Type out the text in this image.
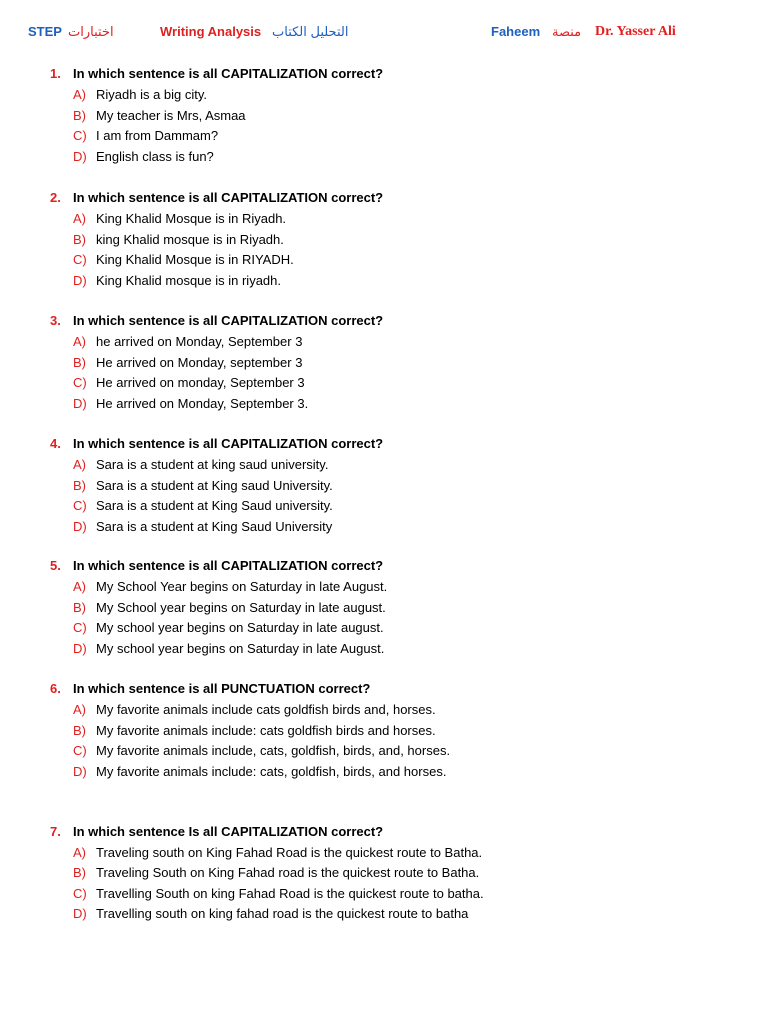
STEP اختبارات	Writing Analysis التحليل الكتاب	Faheem منصة Dr. Yasser Ali
1. In which sentence is all CAPITALIZATION correct?
A) Riyadh is a big city.
B) My teacher is Mrs, Asmaa
C) I am from Dammam?
D) English class is fun?
2. In which sentence is all CAPITALIZATION correct?
A) King Khalid Mosque is in Riyadh.
B) king Khalid mosque is in Riyadh.
C) King Khalid Mosque is in RIYADH.
D) King Khalid mosque is in riyadh.
3. In which sentence is all CAPITALIZATION correct?
A) he arrived on Monday, September 3
B) He arrived on Monday, september 3
C) He arrived on monday, September 3
D) He arrived on Monday, September 3.
4. In which sentence is all CAPITALIZATION correct?
A) Sara is a student at king saud university.
B) Sara is a student at King saud University.
C) Sara is a student at King Saud university.
D) Sara is a student at King Saud University
5. In which sentence is all CAPITALIZATION correct?
A) My School Year begins on Saturday in late August.
B) My School year begins on Saturday in late august.
C) My school year begins on Saturday in late august.
D) My school year begins on Saturday in late August.
6. In which sentence is all PUNCTUATION correct?
A) My favorite animals include cats goldfish birds and, horses.
B) My favorite animals include: cats goldfish birds and horses.
C) My favorite animals include, cats, goldfish, birds, and, horses.
D) My favorite animals include: cats, goldfish, birds, and horses.
7. In which sentence Is all CAPITALIZATION correct?
A) Traveling south on King Fahad Road is the quickest route to Batha.
B) Traveling South on King Fahad road is the quickest route to Batha.
C) Travelling South on king Fahad Road is the quickest route to batha.
D) Travelling south on king fahad road is the quickest route to batha
